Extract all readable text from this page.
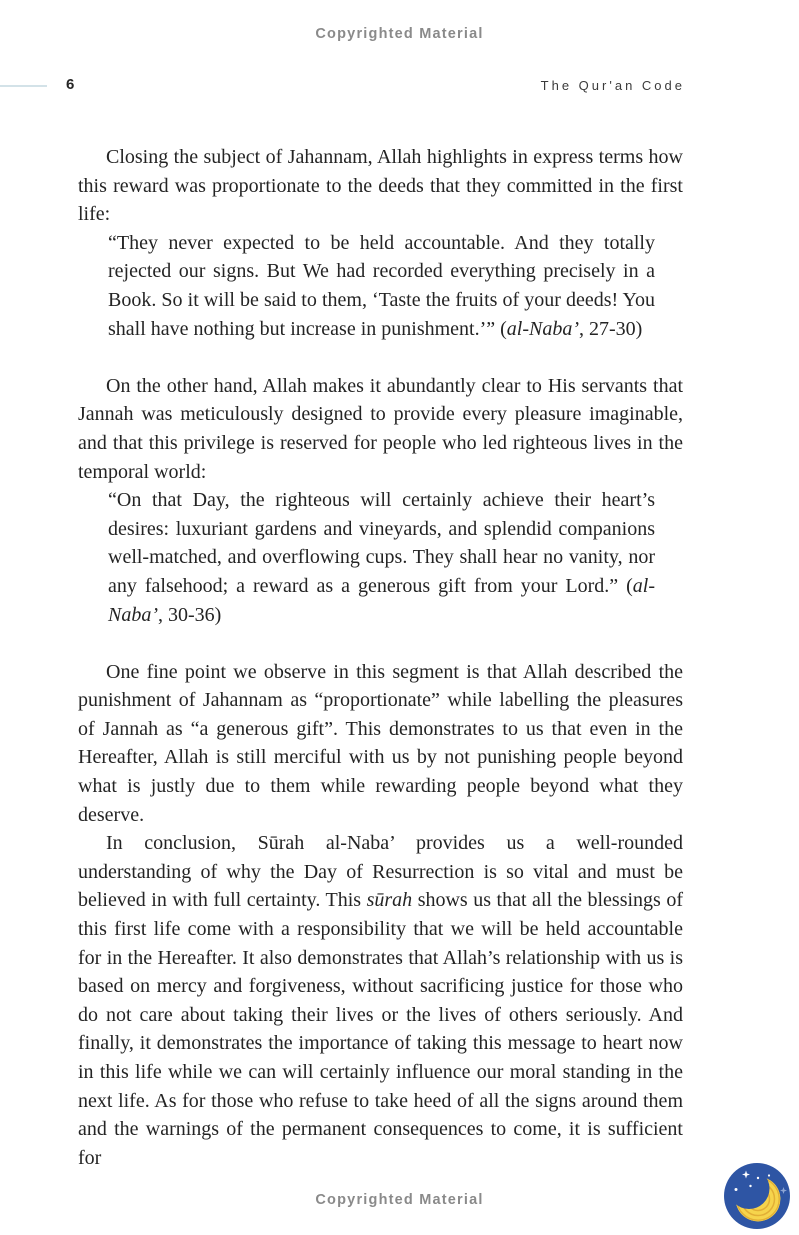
Copyrighted Material
6	The Qur'an Code

Closing the subject of Jahannam, Allah highlights in express terms how this reward was proportionate to the deeds that they committed in the first life:

“They never expected to be held accountable. And they totally rejected our signs. But We had recorded everything precisely in a Book. So it will be said to them, ‘Taste the fruits of your deeds! You shall have nothing but increase in punishment.’” (al-Naba’, 27-30)

On the other hand, Allah makes it abundantly clear to His servants that Jannah was meticulously designed to provide every pleasure imaginable, and that this privilege is reserved for people who led righteous lives in the temporal world:

“On that Day, the righteous will certainly achieve their heart’s desires: luxuriant gardens and vineyards, and splendid companions well-matched, and overflowing cups. They shall hear no vanity, nor any falsehood; a reward as a generous gift from your Lord.” (al-Naba’, 30-36)

One fine point we observe in this segment is that Allah described the punishment of Jahannam as “proportionate” while labelling the pleasures of Jannah as “a generous gift”. This demonstrates to us that even in the Hereafter, Allah is still merciful with us by not punishing people beyond what is justly due to them while rewarding people beyond what they deserve.

In conclusion, Sūrah al-Naba’ provides us a well-rounded understanding of why the Day of Resurrection is so vital and must be believed in with full certainty. This sūrah shows us that all the blessings of this first life come with a responsibility that we will be held accountable for in the Hereafter. It also demonstrates that Allah’s relationship with us is based on mercy and forgiveness, without sacrificing justice for those who do not care about taking their lives or the lives of others seriously. And finally, it demonstrates the importance of taking this message to heart now in this life while we can will certainly influence our moral standing in the next life. As for those who refuse to take heed of all the signs around them and the warnings of the permanent consequences to come, it is sufficient for

Copyrighted Material
